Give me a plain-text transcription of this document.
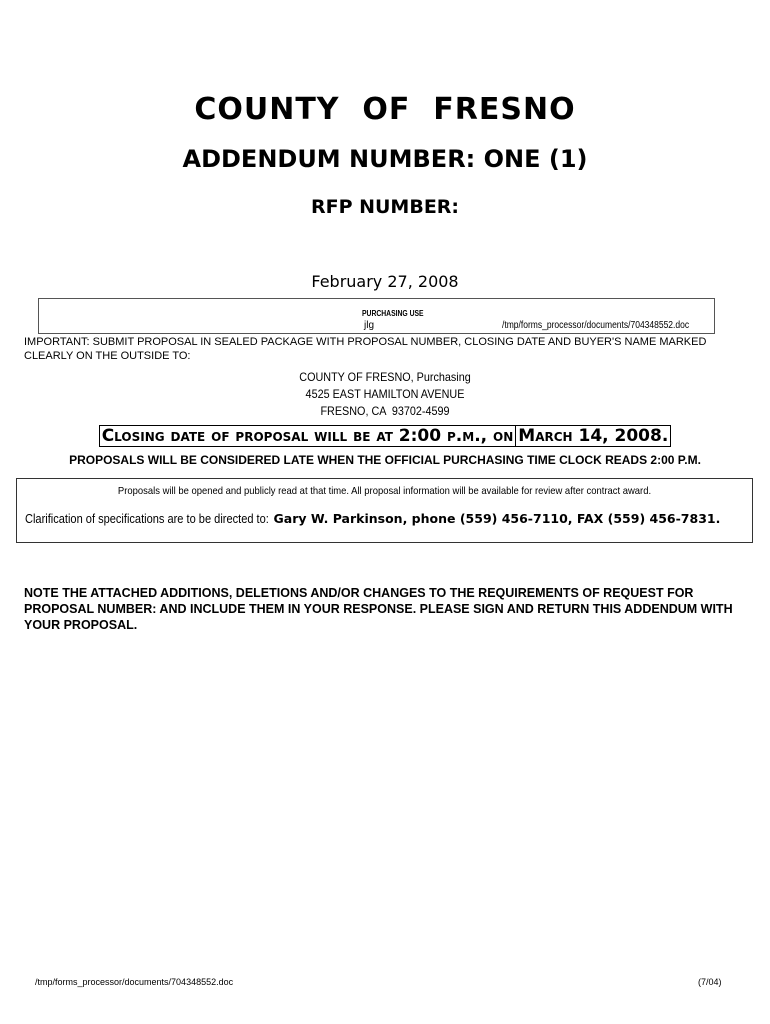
COUNTY  OF  FRESNO
ADDENDUM NUMBER: ONE (1)
RFP NUMBER:
February 27, 2008
PURCHASING USE
jlg	/tmp/forms_processor/documents/704348552.doc
IMPORTANT: SUBMIT PROPOSAL IN SEALED PACKAGE WITH PROPOSAL NUMBER, CLOSING DATE AND BUYER'S NAME MARKED CLEARLY ON THE OUTSIDE TO:
COUNTY OF FRESNO, Purchasing
4525 EAST HAMILTON AVENUE
FRESNO, CA  93702-4599
Closing date of proposal will be at 2:00 p.m., on March 14, 2008.
PROPOSALS WILL BE CONSIDERED LATE WHEN THE OFFICIAL PURCHASING TIME CLOCK READS 2:00 P.M.
Proposals will be opened and publicly read at that time. All proposal information will be available for review after contract award.
Clarification of specifications are to be directed to: Gary W. Parkinson, phone (559) 456-7110, FAX (559) 456-7831.
NOTE THE ATTACHED ADDITIONS, DELETIONS AND/OR CHANGES TO THE REQUIREMENTS OF REQUEST FOR PROPOSAL NUMBER: AND INCLUDE THEM IN YOUR RESPONSE. PLEASE SIGN AND RETURN THIS ADDENDUM WITH YOUR PROPOSAL.
/tmp/forms_processor/documents/704348552.doc	(7/04)
